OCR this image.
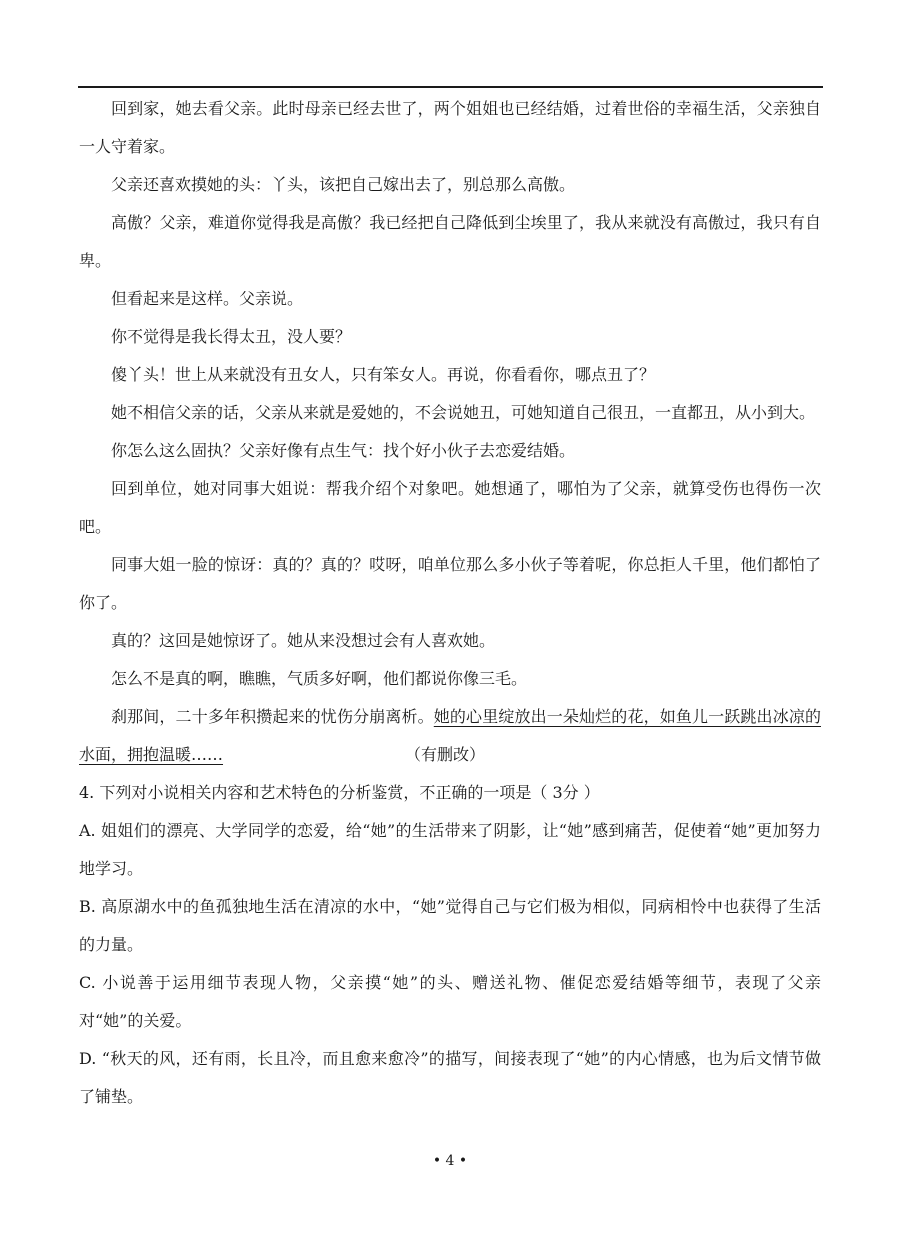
回到家，她去看父亲。此时母亲已经去世了，两个姐姐也已经结婚，过着世俗的幸福生活，父亲独自一人守着家。

父亲还喜欢摸她的头：丫头，该把自己嫁出去了，别总那么高傲。

高傲？父亲，难道你觉得我是高傲？我已经把自己降低到尘埃里了，我从来就没有高傲过，我只有自卑。

但看起来是这样。父亲说。

你不觉得是我长得太丑，没人要？

傻丫头！世上从来就没有丑女人，只有笨女人。再说，你看看你，哪点丑了？

她不相信父亲的话，父亲从来就是爱她的，不会说她丑，可她知道自己很丑，一直都丑，从小到大。

你怎么这么固执？父亲好像有点生气：找个好小伙子去恋爱结婚。

回到单位，她对同事大姐说：帮我介绍个对象吧。她想通了，哪怕为了父亲，就算受伤也得伤一次吧。

同事大姐一脸的惊讶：真的？真的？哎呀，咱单位那么多小伙子等着呢，你总拒人千里，他们都怕了你了。

真的？这回是她惊讶了。她从来没想过会有人喜欢她。

怎么不是真的啊，瞧瞧，气质多好啊，他们都说你像三毛。

刹那间，二十多年积攒起来的忧伤分崩离析。她的心里绽放出一朵灿烂的花，如鱼儿一跃跳出冰凉的水面，拥抱温暖……	（有删改）

4. 下列对小说相关内容和艺术特色的分析鉴赏，不正确的一项是（ 3分 ）

A. 姐姐们的漂亮、大学同学的恋爱，给“她”的生活带来了阴影，让“她”感到痛苦，促使着“她”更加努力地学习。

B. 高原湖水中的鱼孤独地生活在清凉的水中，“她”觉得自己与它们极为相似，同病相怜中也获得了生活的力量。

C. 小说善于运用细节表现人物，父亲摸“她”的头、赠送礼物、催促恋爱结婚等细节，表现了父亲对“她”的关爱。

D. “秋天的风，还有雨，长且冷，而且愈来愈冷”的描写，间接表现了“她”的内心情感，也为后文情节做了铺垫。

• 4 •
